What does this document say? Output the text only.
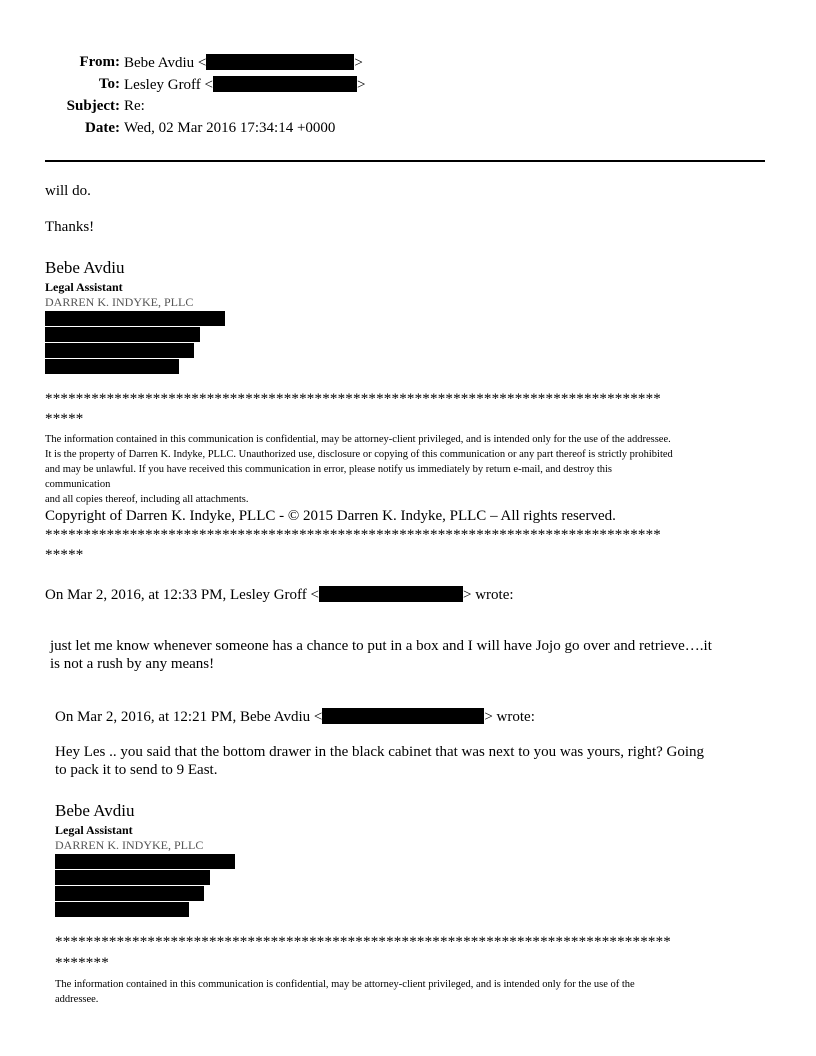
From: Bebe Avdiu <	>
To: Lesley Groff <	>
Subject: Re:
Date: Wed, 02 Mar 2016 17:34:14 +0000
will do.
Thanks!
Bebe Avdiu
Legal Assistant
DARREN K. INDYKE, PLLC
********************************************************************************
*****
The information contained in this communication is confidential, may be attorney-client privileged, and is intended only for the use of the addressee.
It is the property of Darren K. Indyke, PLLC. Unauthorized use, disclosure or copying of this communication or any part thereof is strictly prohibited
and may be unlawful. If you have received this communication in error, please notify us immediately by return e-mail, and destroy this
communication
and all copies thereof, including all attachments.
Copyright of Darren K. Indyke, PLLC - © 2015 Darren K. Indyke, PLLC – All rights reserved.
********************************************************************************
*****
On Mar 2, 2016, at 12:33 PM, Lesley Groff <	> wrote:
just let me know whenever someone has a chance to put in a box and I will have Jojo go over and retrieve….it
is not a rush by any means!
On Mar 2, 2016, at 12:21 PM, Bebe Avdiu <	> wrote:
Hey Les .. you said that the bottom drawer in the black cabinet that was next to you was yours, right? Going
to pack it to send to 9 East.
Bebe Avdiu
Legal Assistant
DARREN K. INDYKE, PLLC
********************************************************************************
*******
The information contained in this communication is confidential, may be attorney-client privileged, and is intended only for the use of the
addressee.
